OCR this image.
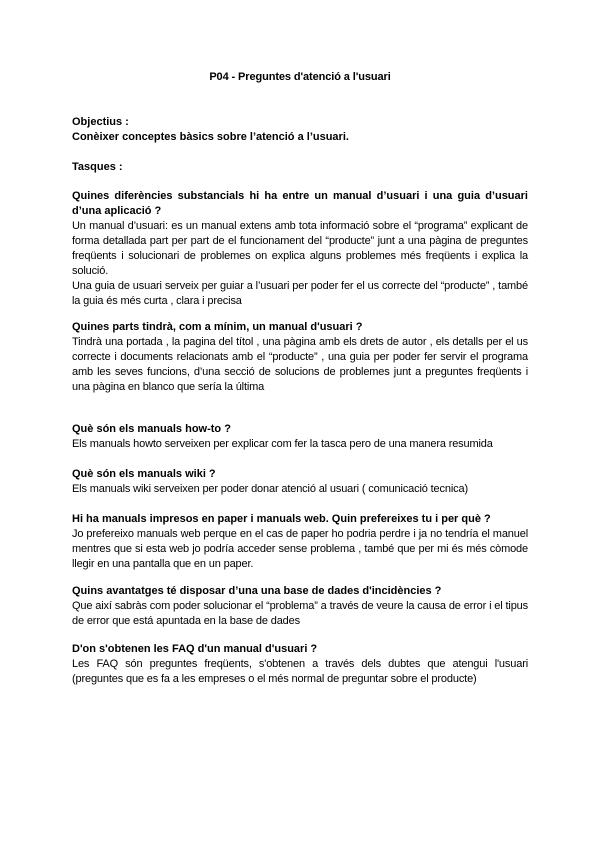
P04 - Preguntes d'atenció a l'usuari

Objectius :

Conèixer conceptes bàsics sobre l’atenció a l’usuari.

Tasques :

Quines diferències substancials hi ha entre un manual d’usuari i una guia d’usuari d’una aplicació ?

Un manual d’usuari: es un manual extens amb tota informació sobre el “programa” explicant de forma detallada part per part de el funcionament del “producte” junt a una pàgina de preguntes freqüents i solucionari de problemes on explica alguns problemes més freqüents i explica la solució.

Una guia de usuari serveix per guiar a l’usuari per poder fer el us correcte del “producte” , també la guia és més curta , clara i precisa

Quines parts tindrà, com a mínim, un manual d'usuari ?

Tindrà una portada , la pagina del títol , una pàgina amb els drets de autor , els detalls per el us correcte i documents relacionats amb el “producte” , una guia per poder fer servir el programa amb les seves funcions, d’una secció de solucions de problemes junt a preguntes freqüents i una pàgina en blanco que sería la última

Què són els manuals how-to ?

Els manuals howto serveixen per explicar com fer la tasca pero de una manera resumida

Què són els manuals wiki ?

Els manuals wiki serveixen per poder donar atenció al usuari ( comunicació tecnica)

Hi ha manuals impresos en paper i manuals web. Quin prefereixes tu i per què ?

Jo prefereixo manuals web perque en el cas de paper ho podria perdre i ja no tendría el manuel mentres que si esta web jo podría acceder sense problema , també que per mi és més còmode llegir en una pantalla que en un paper.

Quins avantatges té disposar d’una una base de dades d'incidències ?

Que així sabràs com poder solucionar el “problema” a través de veure la causa de error i el tipus de error que está apuntada en la base de dades

D'on s'obtenen les FAQ d'un manual d'usuari ?

Les FAQ són preguntes freqüents, s'obtenen a través dels dubtes que atengui l'usuari (preguntes que es fa a les empreses o el més normal de preguntar sobre el producte)
